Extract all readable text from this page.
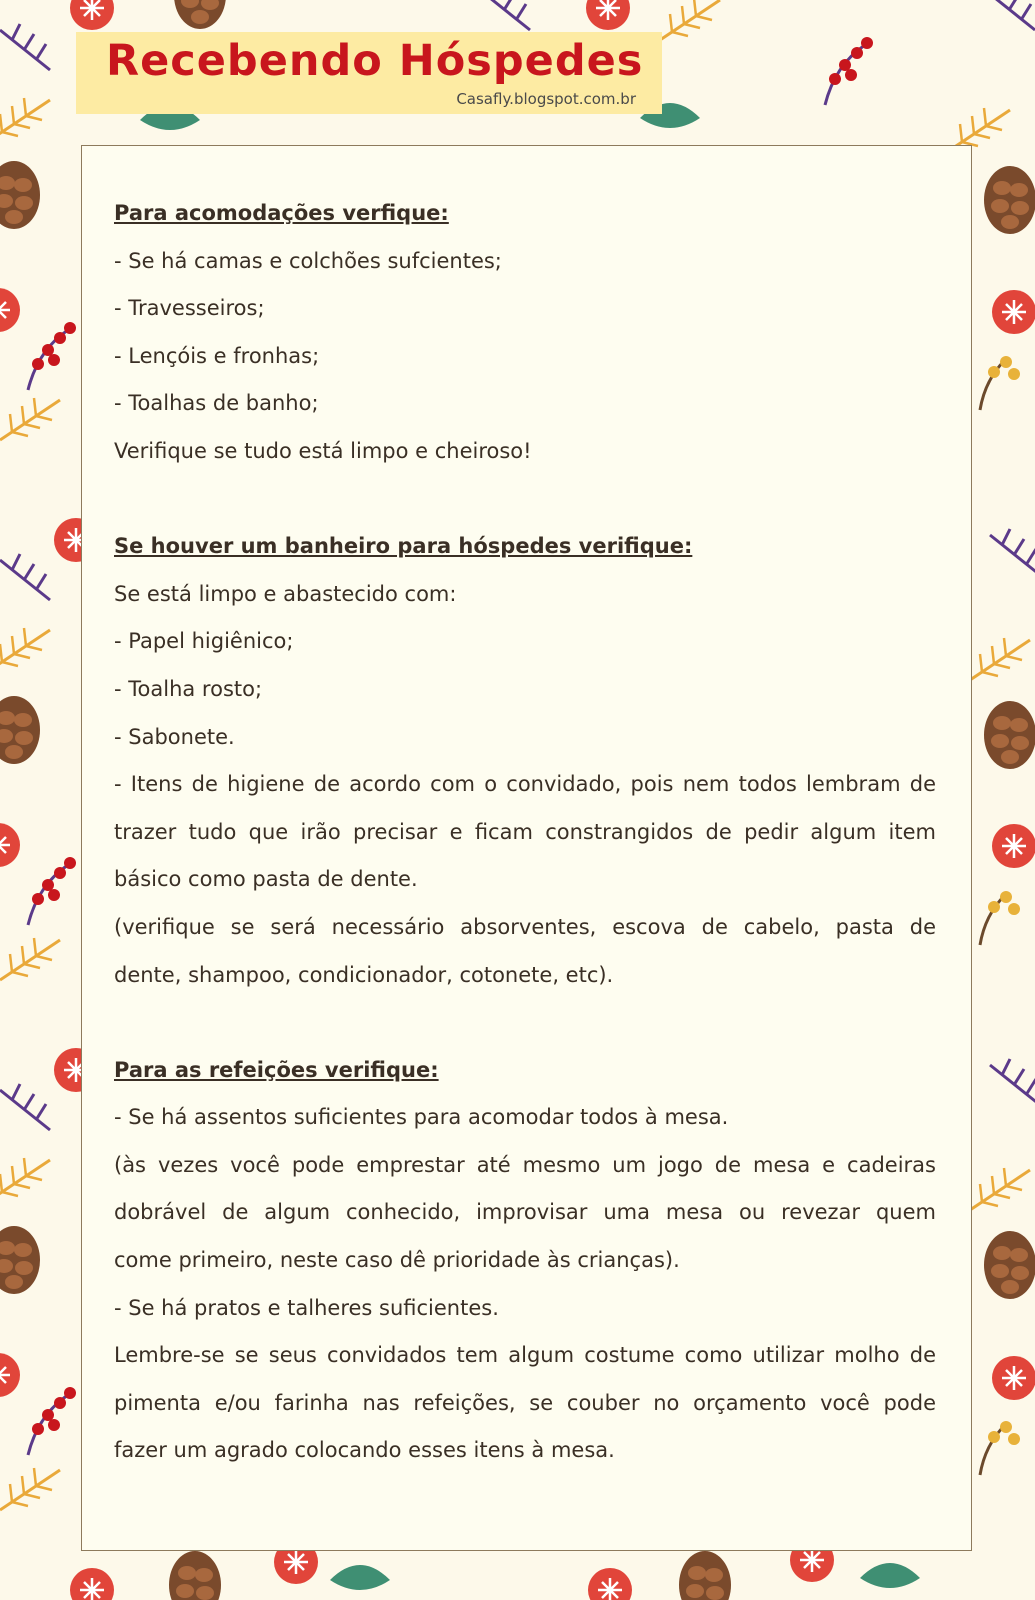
Recebendo Hóspedes
Casafly.blogspot.com.br

Para acomodações verfique:

- Se há camas e colchões sufcientes;

- Travesseiros;

- Lençóis e fronhas;

- Toalhas de banho;

Verifique se tudo está limpo e cheiroso!

Se houver um banheiro para hóspedes verifique:

Se está limpo e abastecido com:

- Papel higiênico;

- Toalha rosto;

- Sabonete.

- Itens de higiene de acordo com o convidado, pois nem todos lembram de

trazer tudo que irão precisar e ficam constrangidos de pedir algum item

básico como pasta de dente.

(verifique se será necessário absorventes, escova de cabelo, pasta de

dente, shampoo, condicionador, cotonete, etc).

Para as refeições verifique:

- Se há assentos suficientes para acomodar todos à mesa.

(às vezes você pode emprestar até mesmo um jogo de mesa e cadeiras

dobrável de algum conhecido, improvisar uma mesa ou revezar quem

come primeiro, neste caso dê prioridade às crianças).

- Se há pratos e talheres suficientes.

Lembre-se se seus convidados tem algum costume como utilizar molho de

pimenta e/ou farinha nas refeições, se couber no orçamento você pode

fazer um agrado colocando esses itens à mesa.
